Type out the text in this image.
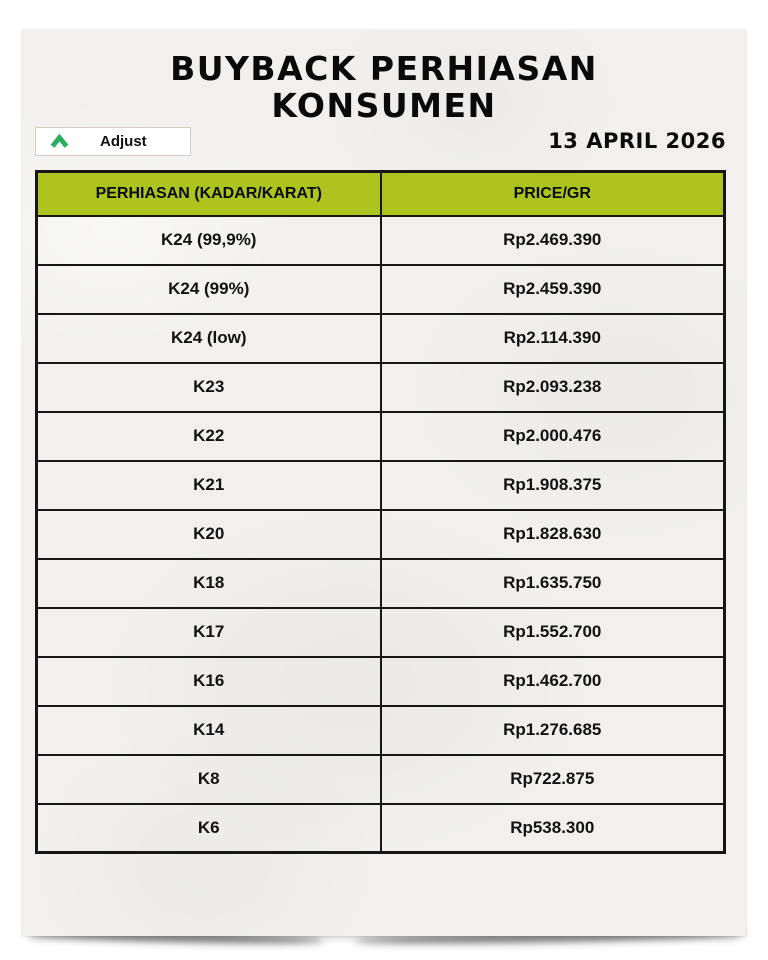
BUYBACK PERHIASAN
KONSUMEN
Adjust	13 APRIL 2026
PERHIASAN (KADAR/KARAT)	PRICE/GR
K24 (99,9%)	Rp2.469.390
K24 (99%)	Rp2.459.390
K24 (low)	Rp2.114.390
K23	Rp2.093.238
K22	Rp2.000.476
K21	Rp1.908.375
K20	Rp1.828.630
K18	Rp1.635.750
K17	Rp1.552.700
K16	Rp1.462.700
K14	Rp1.276.685
K8	Rp722.875
K6	Rp538.300
